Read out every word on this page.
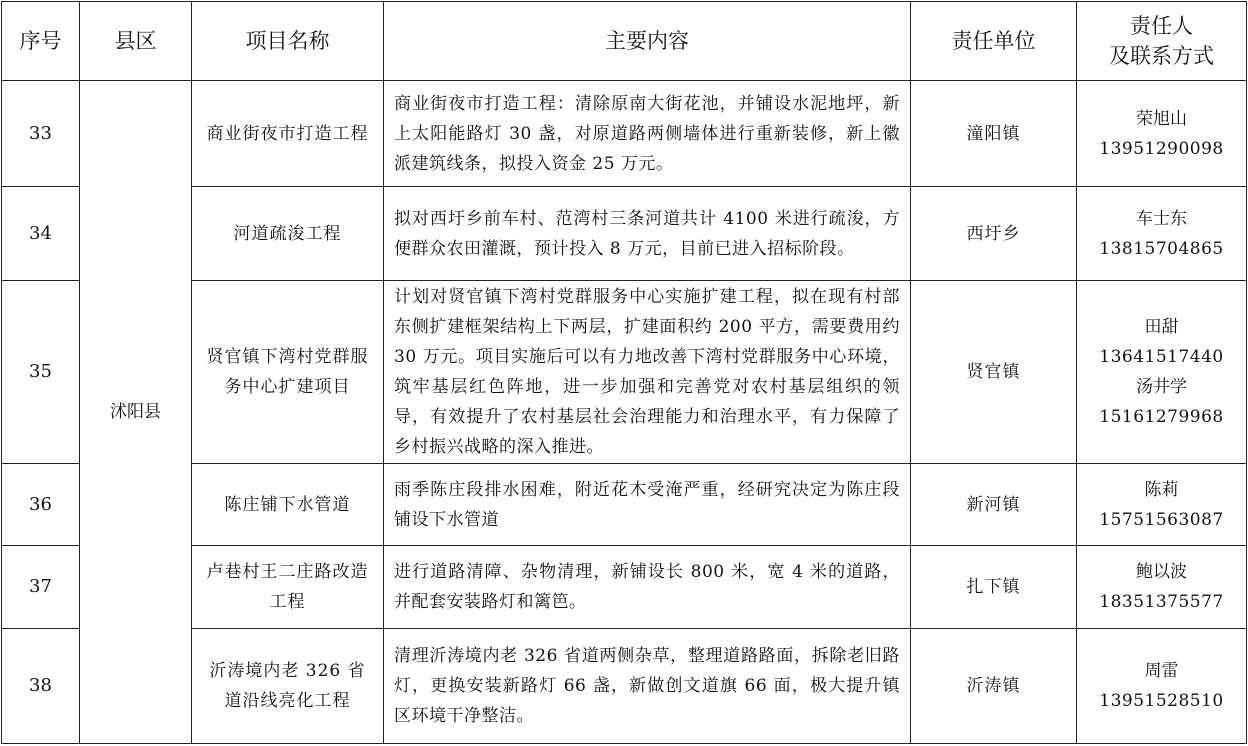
序号	县区	项目名称	主要内容	责任单位	责任人
及联系方式

33	沭阳县	商业街夜市打造工程	商业街夜市打造工程：清除原南大街花池，并铺设水泥地坪，新上太阳能路灯 30 盏，对原道路两侧墙体进行重新装修，新上徽派建筑线条，拟投入资金 25 万元。	潼阳镇	荣旭山
13951290098

34		河道疏浚工程	拟对西圩乡前车村、范湾村三条河道共计 4100 米进行疏浚，方便群众农田灌溉，预计投入 8 万元，目前已进入招标阶段。	西圩乡	车士东
13815704865

35		贤官镇下湾村党群服务中心扩建项目	计划对贤官镇下湾村党群服务中心实施扩建工程，拟在现有村部东侧扩建框架结构上下两层，扩建面积约 200 平方，需要费用约 30 万元。项目实施后可以有力地改善下湾村党群服务中心环境，筑牢基层红色阵地，进一步加强和完善党对农村基层组织的领导，有效提升了农村基层社会治理能力和治理水平，有力保障了乡村振兴战略的深入推进。	贤官镇	田甜
13641517440
汤井学
15161279968

36		陈庄铺下水管道	雨季陈庄段排水困难，附近花木受淹严重，经研究决定为陈庄段铺设下水管道	新河镇	陈莉
15751563087

37		卢巷村王二庄路改造工程	进行道路清障、杂物清理，新铺设长 800 米，宽 4 米的道路，并配套安装路灯和篱笆。	扎下镇	鲍以波
18351375577

38		沂涛境内老 326 省道沿线亮化工程	清理沂涛境内老 326 省道两侧杂草，整理道路路面，拆除老旧路灯，更换安装新路灯 66 盏，新做创文道旗 66 面，极大提升镇区环境干净整洁。	沂涛镇	周雷
13951528510
